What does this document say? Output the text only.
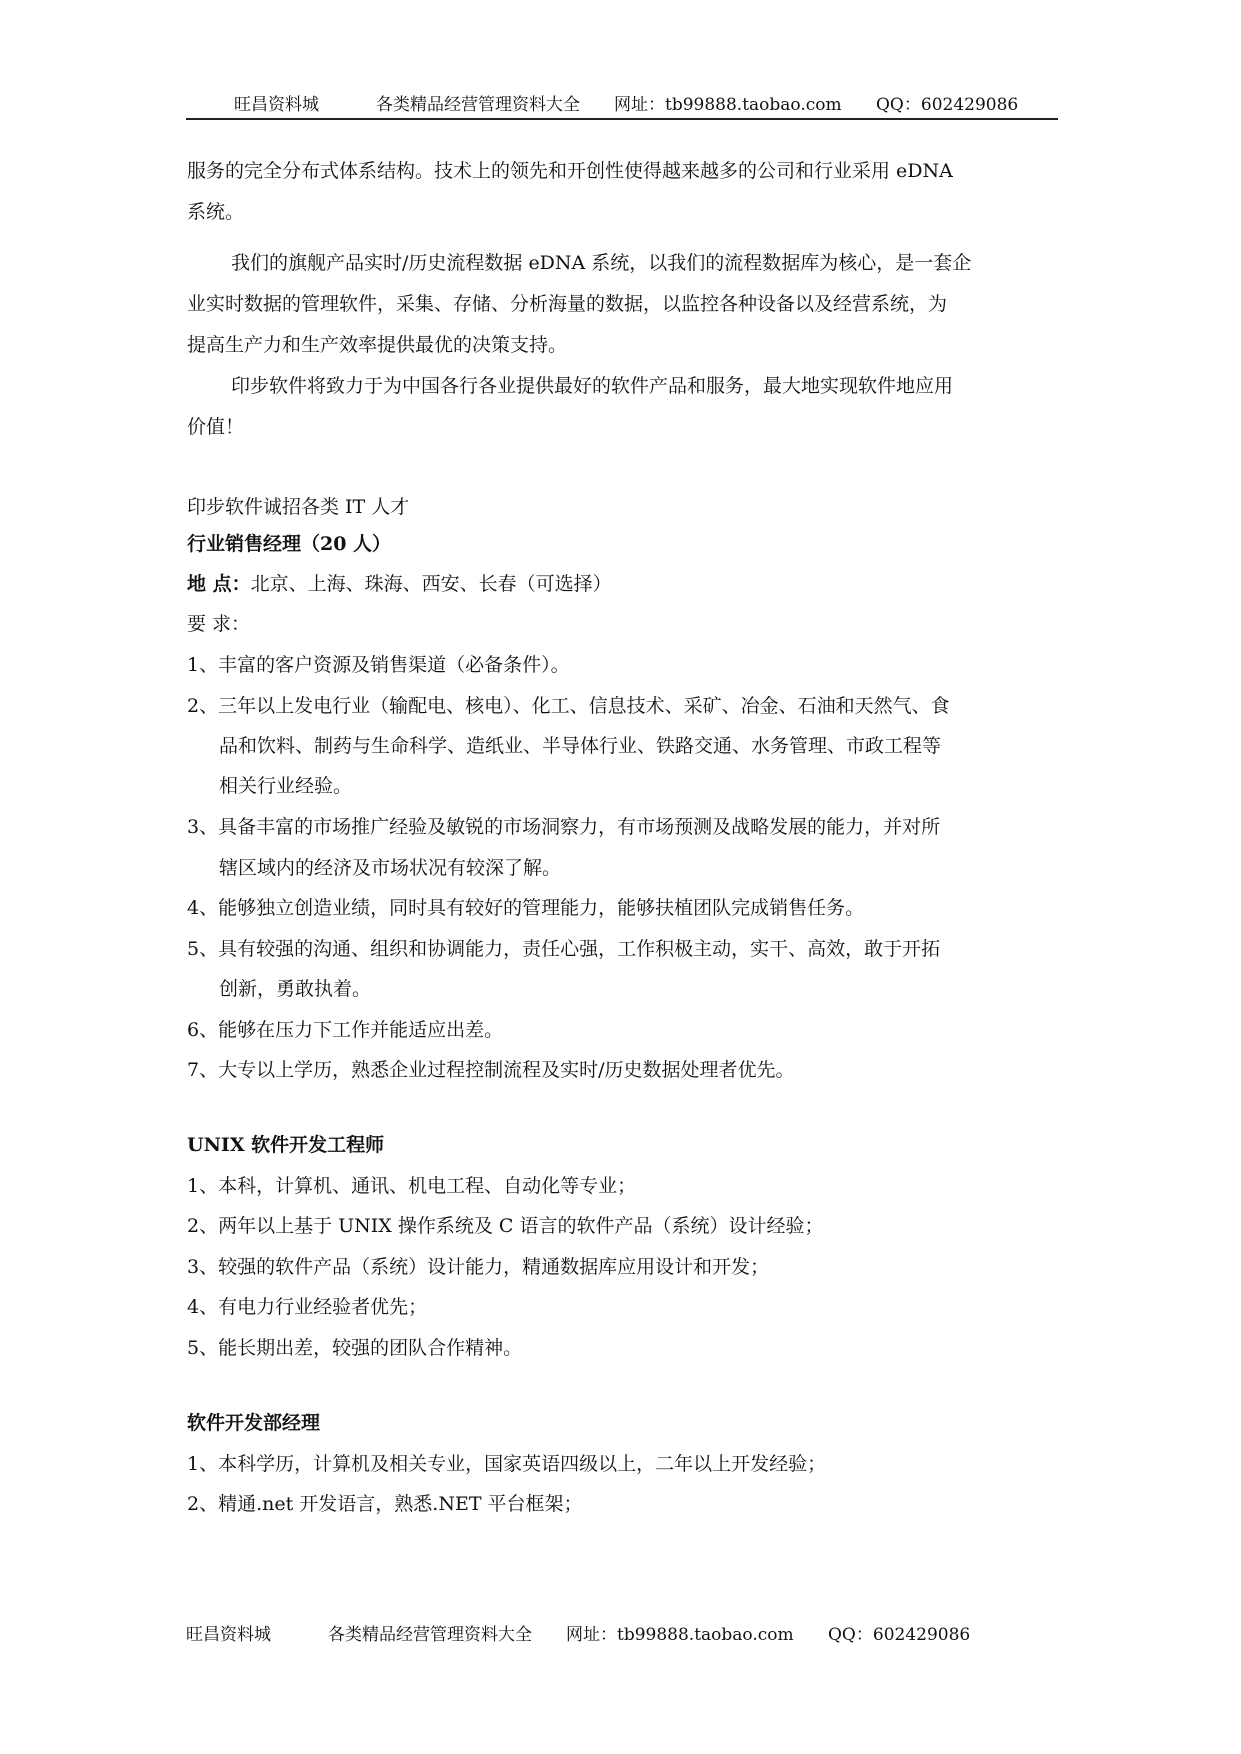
旺昌资料城	各类精品经营管理资料大全 网址：tb99888.taobao.com QQ：602429086
服务的完全分布式体系结构。技术上的领先和开创性使得越来越多的公司和行业采用 eDNA
系统。
我们的旗舰产品实时/历史流程数据 eDNA 系统，以我们的流程数据库为核心，是一套企
业实时数据的管理软件，采集、存储、分析海量的数据，以监控各种设备以及经营系统，为
提高生产力和生产效率提供最优的决策支持。
印步软件将致力于为中国各行各业提供最好的软件产品和服务，最大地实现软件地应用
价值！
印步软件诚招各类 IT 人才
行业销售经理（20 人）
地 点：北京、上海、珠海、西安、长春（可选择）
要 求：
1、丰富的客户资源及销售渠道（必备条件）。
2、三年以上发电行业（输配电、核电）、化工、信息技术、采矿、冶金、石油和天然气、食
品和饮料、制药与生命科学、造纸业、半导体行业、铁路交通、水务管理、市政工程等
相关行业经验。
3、具备丰富的市场推广经验及敏锐的市场洞察力，有市场预测及战略发展的能力，并对所
辖区域内的经济及市场状况有较深了解。
4、能够独立创造业绩，同时具有较好的管理能力，能够扶植团队完成销售任务。
5、具有较强的沟通、组织和协调能力，责任心强，工作积极主动，实干、高效，敢于开拓
创新，勇敢执着。
6、能够在压力下工作并能适应出差。
7、大专以上学历，熟悉企业过程控制流程及实时/历史数据处理者优先。
UNIX 软件开发工程师
1、本科，计算机、通讯、机电工程、自动化等专业；
2、两年以上基于 UNIX 操作系统及 C 语言的软件产品（系统）设计经验；
3、较强的软件产品（系统）设计能力，精通数据库应用设计和开发；
4、有电力行业经验者优先；
5、能长期出差，较强的团队合作精神。
软件开发部经理
1、本科学历，计算机及相关专业，国家英语四级以上，二年以上开发经验；
2、精通.net 开发语言，熟悉.NET 平台框架；
旺昌资料城	各类精品经营管理资料大全 网址：tb99888.taobao.com QQ：602429086
